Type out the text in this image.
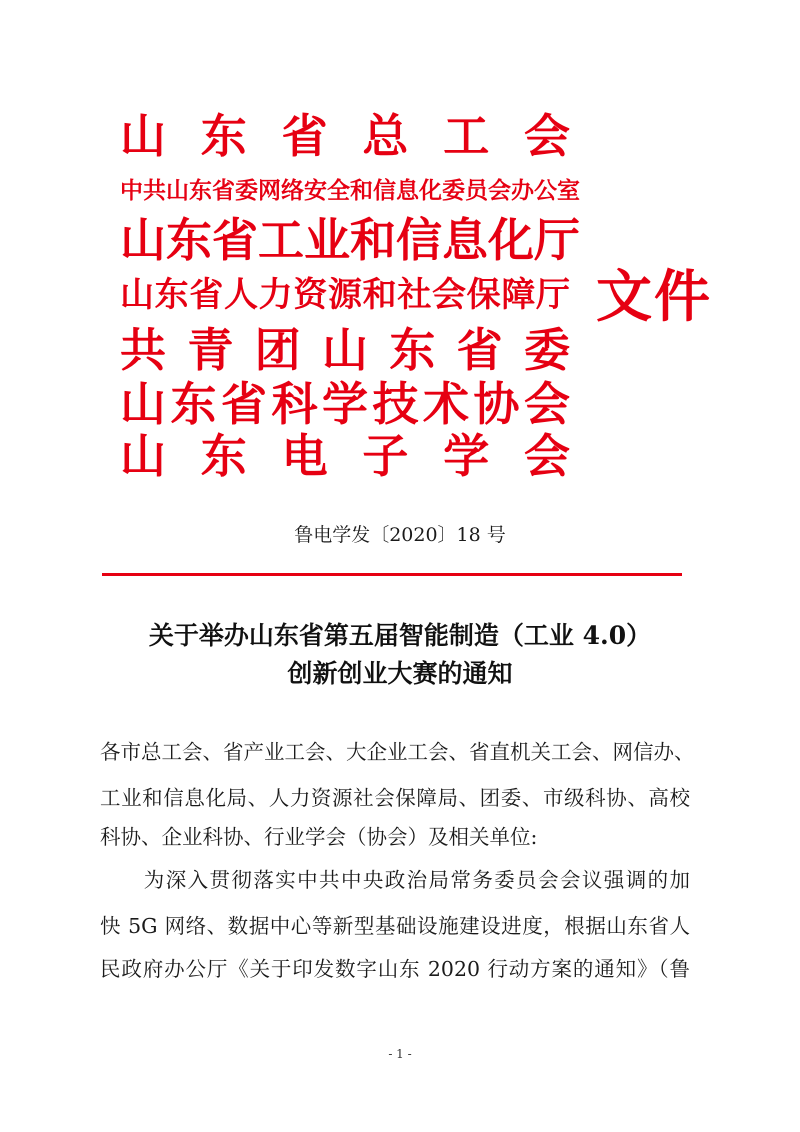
山东省总工会
中共山东省委网络安全和信息化委员会办公室
山东省工业和信息化厅
山东省人力资源和社会保障厅
共青团山东省委
山东省科学技术协会
山东电子学会
文件
鲁电学发〔2020〕18 号
关于举办山东省第五届智能制造（工业 4.0）
创新创业大赛的通知
各市总工会、省产业工会、大企业工会、省直机关工会、网信办、
工业和信息化局、人力资源社会保障局、团委、市级科协、高校
科协、企业科协、行业学会（协会）及相关单位:
　　为深入贯彻落实中共中央政治局常务委员会会议强调的加
快 5G 网络、数据中心等新型基础设施建设进度，根据山东省人
民政府办公厅《关于印发数字山东 2020 行动方案的通知》（鲁
- 1 -
